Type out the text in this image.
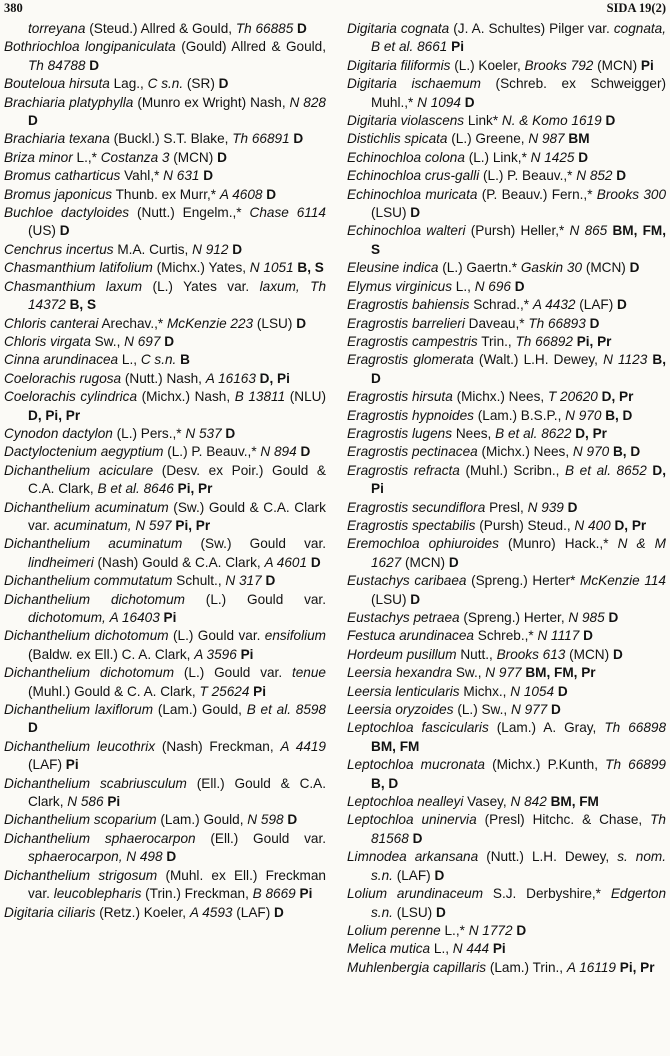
380	SIDA 19(2)

torreyana (Steud.) Allred & Gould, Th 66885 D

Bothriochloa longipaniculata (Gould) Allred & Gould, Th 84788 D

Bouteloua hirsuta Lag., C s.n. (SR) D

Brachiaria platyphylla (Munro ex Wright) Nash, N 828 D

Brachiaria texana (Buckl.) S.T. Blake, Th 66891 D

Briza minor L.,* Costanza 3 (MCN) D

Bromus catharticus Vahl,* N 631 D

Bromus japonicus Thunb. ex Murr,* A 4608 D

Buchloe dactyloides (Nutt.) Engelm.,* Chase 6114 (US) D

Cenchrus incertus M.A. Curtis, N 912 D

Chasmanthium latifolium (Michx.) Yates, N 1051 B, S

Chasmanthium laxum (L.) Yates var. laxum, Th 14372 B, S

Chloris canterai Arechav.,* McKenzie 223 (LSU) D

Chloris virgata Sw., N 697 D

Cinna arundinacea L., C s.n. B

Coelorachis rugosa (Nutt.) Nash, A 16163 D, Pi

Coelorachis cylindrica (Michx.) Nash, B 13811 (NLU) D, Pi, Pr

Cynodon dactylon (L.) Pers.,* N 537 D

Dactyloctenium aegyptium (L.) P. Beauv.,* N 894 D

Dichanthelium aciculare (Desv. ex Poir.) Gould & C.A. Clark, B et al. 8646 Pi, Pr

Dichanthelium acuminatum (Sw.) Gould & C.A. Clark var. acuminatum, N 597 Pi, Pr

Dichanthelium acuminatum (Sw.) Gould var. lindheimeri (Nash) Gould & C.A. Clark, A 4601 D

Dichanthelium commutatum Schult., N 317 D

Dichanthelium dichotomum (L.) Gould var. dichotomum, A 16403 Pi

Dichanthelium dichotomum (L.) Gould var. ensifolium (Baldw. ex Ell.) C. A. Clark, A 3596 Pi

Dichanthelium dichotomum (L.) Gould var. tenue (Muhl.) Gould & C. A. Clark, T 25624 Pi

Dichanthelium laxiflorum (Lam.) Gould, B et al. 8598 D

Dichanthelium leucothrix (Nash) Freckman, A 4419 (LAF) Pi

Dichanthelium scabriusculum (Ell.) Gould & C.A. Clark, N 586 Pi

Dichanthelium scoparium (Lam.) Gould, N 598 D

Dichanthelium sphaerocarpon (Ell.) Gould var. sphaerocarpon, N 498 D

Dichanthelium strigosum (Muhl. ex Ell.) Freckman var. leucoblepharis (Trin.) Freckman, B 8669 Pi

Digitaria ciliaris (Retz.) Koeler, A 4593 (LAF) D

Digitaria cognata (J. A. Schultes) Pilger var. cognata, B et al. 8661 Pi

Digitaria filiformis (L.) Koeler, Brooks 792 (MCN) Pi

Digitaria ischaemum (Schreb. ex Schweigger) Muhl.,* N 1094 D

Digitaria violascens Link* N. & Komo 1619 D

Distichlis spicata (L.) Greene, N 987 BM

Echinochloa colona (L.) Link,* N 1425 D

Echinochloa crus-galli (L.) P. Beauv.,* N 852 D

Echinochloa muricata (P. Beauv.) Fern.,* Brooks 300 (LSU) D

Echinochloa walteri (Pursh) Heller,* N 865 BM, FM, S

Eleusine indica (L.) Gaertn.* Gaskin 30 (MCN) D

Elymus virginicus L., N 696 D

Eragrostis bahiensis Schrad.,* A 4432 (LAF) D

Eragrostis barrelieri Daveau,* Th 66893 D

Eragrostis campestris Trin., Th 66892 Pi, Pr

Eragrostis glomerata (Walt.) L.H. Dewey, N 1123 B, D

Eragrostis hirsuta (Michx.) Nees, T 20620 D, Pr

Eragrostis hypnoides (Lam.) B.S.P., N 970 B, D

Eragrostis lugens Nees, B et al. 8622 D, Pr

Eragrostis pectinacea (Michx.) Nees, N 970 B, D

Eragrostis refracta (Muhl.) Scribn., B et al. 8652 D, Pi

Eragrostis secundiflora Presl, N 939 D

Eragrostis spectabilis (Pursh) Steud., N 400 D, Pr

Eremochloa ophiuroides (Munro) Hack.,* N & M 1627 (MCN) D

Eustachys caribaea (Spreng.) Herter* McKenzie 114 (LSU) D

Eustachys petraea (Spreng.) Herter, N 985 D

Festuca arundinacea Schreb.,* N 1117 D

Hordeum pusillum Nutt., Brooks 613 (MCN) D

Leersia hexandra Sw., N 977 BM, FM, Pr

Leersia lenticularis Michx., N 1054 D

Leersia oryzoides (L.) Sw., N 977 D

Leptochloa fascicularis (Lam.) A. Gray, Th 66898 BM, FM

Leptochloa mucronata (Michx.) P.Kunth, Th 66899 B, D

Leptochloa nealleyi Vasey, N 842 BM, FM

Leptochloa uninervia (Presl) Hitchc. & Chase, Th 81568 D

Limnodea arkansana (Nutt.) L.H. Dewey, s. nom. s.n. (LAF) D

Lolium arundinaceum S.J. Derbyshire,* Edgerton s.n. (LSU) D

Lolium perenne L.,* N 1772 D

Melica mutica L., N 444 Pi

Muhlenbergia capillaris (Lam.) Trin., A 16119 Pi, Pr
